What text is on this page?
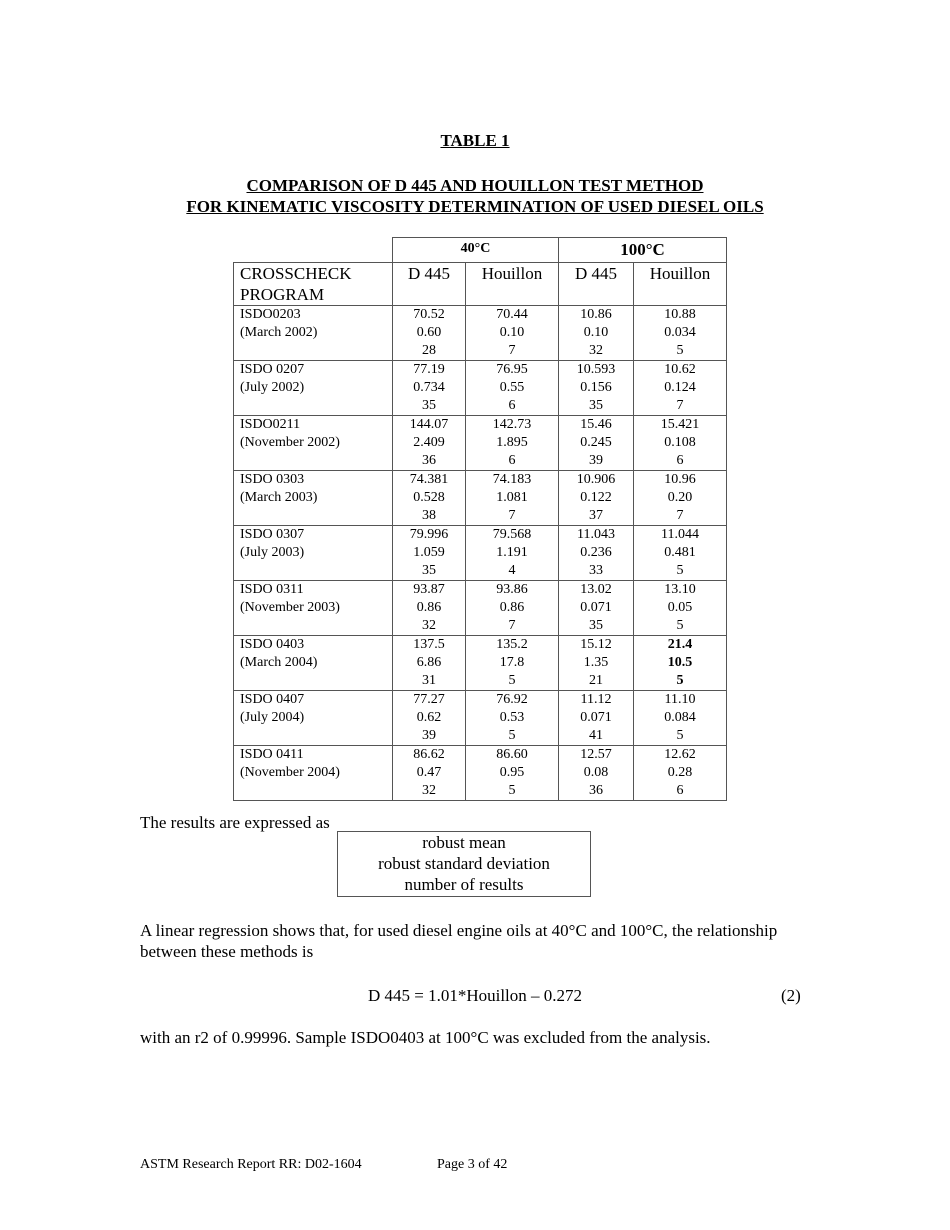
TABLE 1
COMPARISON OF D 445 AND HOUILLON TEST METHOD
FOR KINEMATIC VISCOSITY DETERMINATION OF USED DIESEL OILS
	40°C		100°C	
CROSSCHECK PROGRAM	D 445	Houillon	D 445	Houillon

ISDO0203
(March 2002)	70.52
0.60
28	70.44
0.10
7	10.86
0.10
32	10.88
0.034
5

ISDO 0207
(July 2002)	77.19
0.734
35	76.95
0.55
6	10.593
0.156
35	10.62
0.124
7

ISDO0211
(November 2002)	144.07
2.409
36	142.73
1.895
6	15.46
0.245
39	15.421
0.108
6

ISDO 0303
(March 2003)	74.381
0.528
38	74.183
1.081
7	10.906
0.122
37	10.96
0.20
7

ISDO 0307
(July 2003)	79.996
1.059
35	79.568
1.191
4	11.043
0.236
33	11.044
0.481
5

ISDO 0311
(November 2003)	93.87
0.86
32	93.86
0.86
7	13.02
0.071
35	13.10
0.05
5

ISDO 0403
(March 2004)	137.5
6.86
31	135.2
17.8
5	15.12
1.35
21	21.4
10.5
5

ISDO 0407
(July 2004)	77.27
0.62
39	76.92
0.53
5	11.12
0.071
41	11.10
0.084
5

ISDO 0411
(November 2004)	86.62
0.47
32	86.60
0.95
5	12.57
0.08
36	12.62
0.28
6
The results are expressed as
robust mean
robust standard deviation
number of results
A linear regression shows that, for used diesel engine oils at 40°C and 100°C, the relationship between these methods is
D 445 = 1.01*Houillon – 0.272	(2)
with an r2 of 0.99996. Sample ISDO0403 at 100°C was excluded from the analysis.
ASTM Research Report RR: D02-1604	Page 3 of 42
